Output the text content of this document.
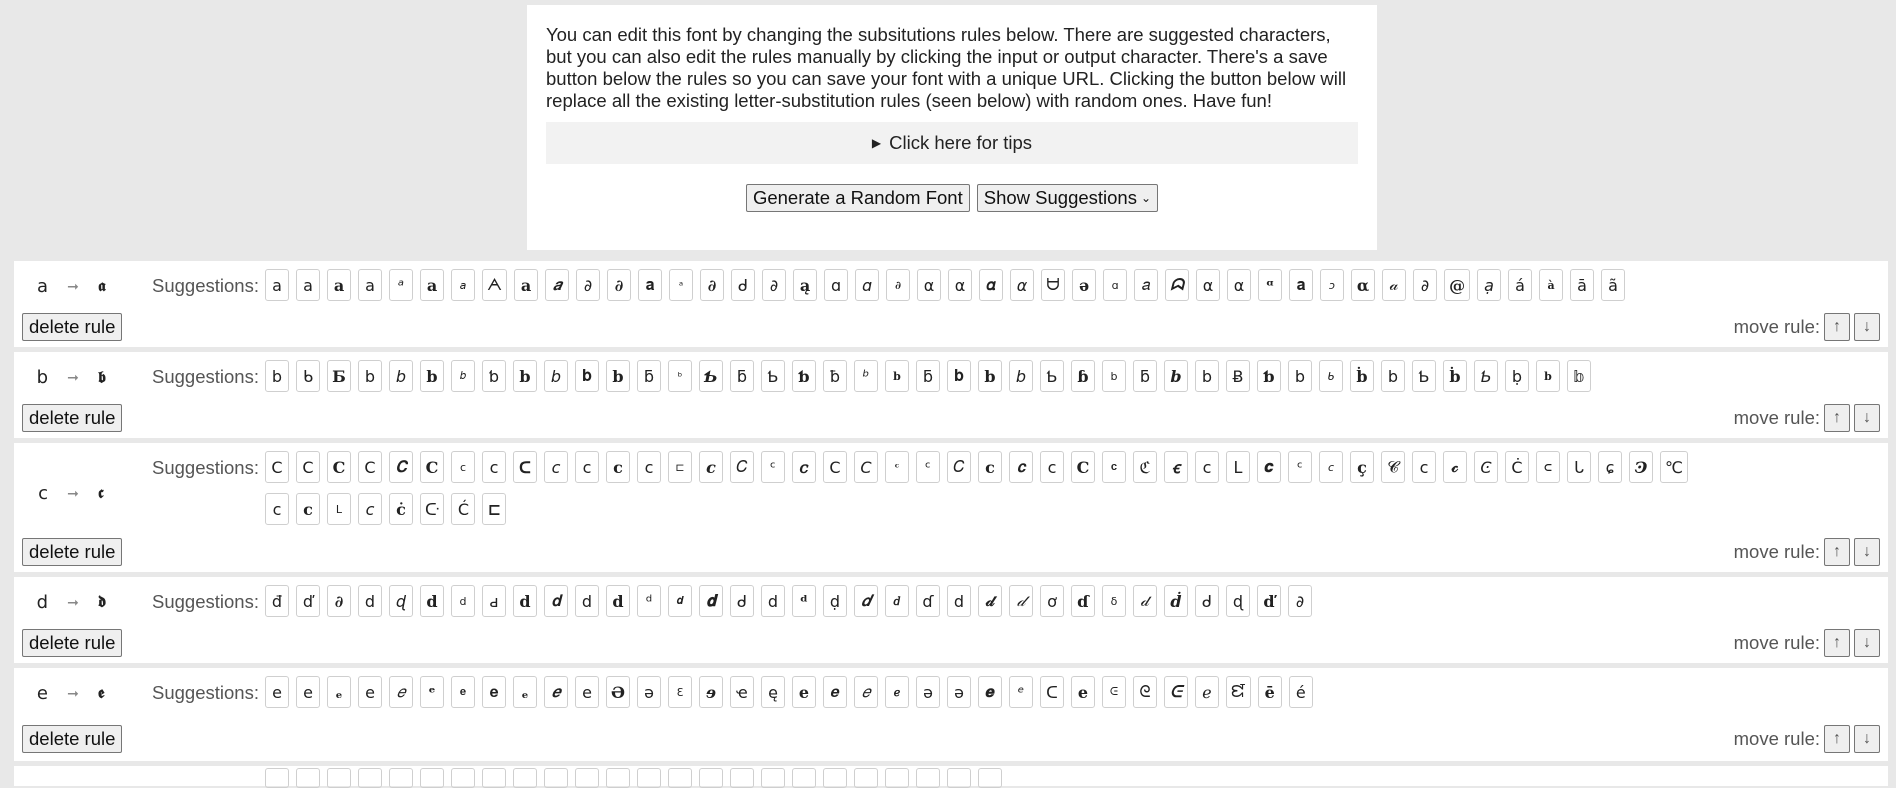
You can edit this font by changing the subsitutions rules below. There are suggested characters, but you can also edit the rules manually by clicking the input or output character. There's a save button below the rules so you can save your font with a unique URL. Clicking the button below will replace all the existing letter-substitution rules (seen below) with random ones. Have fun!

▶ Click here for tips
Generate a Random Font	Show Suggestions ⌄
a	➞	𝖆	Suggestions: a	a	a	a	ᵃ	𝐚	𝘢	ᗅ	a	𝒂	∂	∂	𝐚	ᵃ	∂	ᑯ	∂	ą	ɑ	ɑ	∂	α	α	𝛼	α	ᗨ	ə	ɑ	𝑎	ᗣ	α	α	ᵅ	𝐚	ɔ	𝛂	𝒶	∂	@	ạ	á	à	ā	ã
delete rule	move rule: ↑	↓
b	➞	𝖇	Suggestions: b	ᑲ	Ƃ	b	b	b	𝑏	ƅ	b	b	𝐛	b	ƃ	ᵇ	Ƅ	ƃ	Ƅ	ƅ	ƀ	ᵇ	b	ƃ	𝐛	b	b	Ƅ	ɓ	b	ƃ	𝒃	b	Ƀ	ƅ	b	ᑲ	ḃ	b	Ƅ	ḃ	Ƅ	ḅ	b	𝕓
delete rule	move rule: ↑	↓
c	➞	𝖈
Suggestions: C	C	C	C	𝐂	C	c	c	ᑕ	c	c	𝐜	c	⊏	c	𝐶	ᶜ	𝑐	C	C	ᶜ	ᶜ	𝐶	𝐜	𝐜	c	C	𝐜	ℭ	ꞓ	c	ᒪ	𝒄	ᶜ	c	ç	𝓒	c	𝒸	Ͼ	Ċ	⊂	ᒐ	ɕ	Ͽ	℃
c	𝐜	ᒪ	c	ċ	ᑢ	Ć	⊏
delete rule	move rule: ↑	↓
d	➞	𝖉	Suggestions: đ	ď	∂	d	ɖ	d	d	ԁ	d	𝐝	d	d	ᵈ	𝒅	𝐝	ᑯ	d	ᵈ	ḍ	𝒅	𝑑	ɗ	d	𝒹	𝒹	ơ	ɗ	δ	𝒹	ḋ	ᑯ	ɖ	ď	∂
delete rule	move rule: ↑	↓
e	➞	𝖊	Suggestions: e	e	ₑ	e	𝑒	ᵉ	𝐞	𝐞	ₑ	𝒆	e	Ә	ə	Ɛ	ɘ	ҽ	ę	e	𝒆	𝑒	ℯ	ə	ә	𝒆	ᵉ	ᑕ	𝐞	ᕮ	ᘓ	ᕮ	ℯ	ᘿ	ē	é
delete rule	move rule: ↑	↓
